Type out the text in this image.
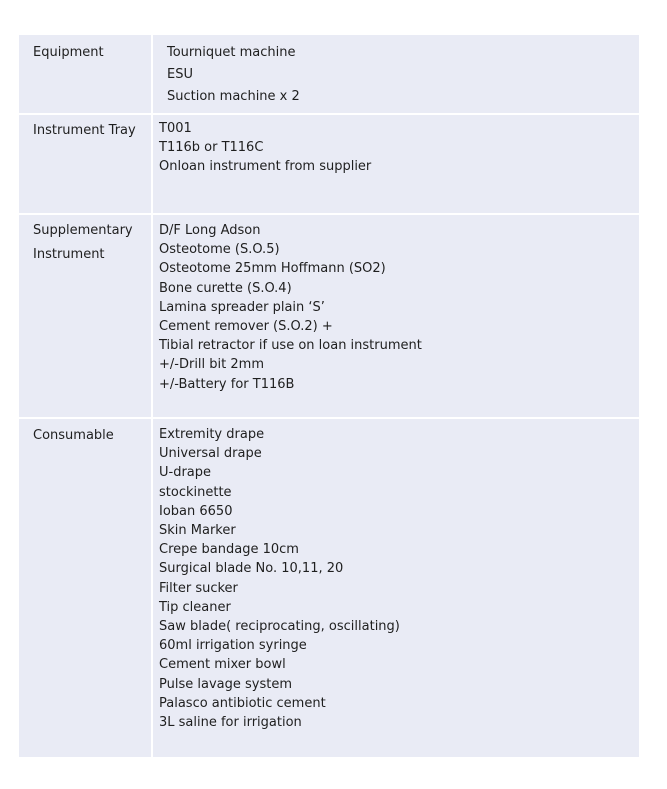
Equipment	Tourniquet machine
ESU
Suction machine x 2
Instrument Tray T001
T116b or T116C
Onloan instrument from supplier
Supplementary
Instrument
D/F Long Adson
Osteotome (S.O.5)
Osteotome 25mm Hoffmann (SO2)
Bone curette (S.O.4)
Lamina spreader plain ‘S’
Cement remover (S.O.2) +
Tibial retractor if use on loan instrument
+/-Drill bit 2mm
+/-Battery for T116B
Consumable	Extremity drape
Universal drape
U-drape
stockinette
Ioban 6650
Skin Marker
Crepe bandage 10cm
Surgical blade No. 10,11, 20
Filter sucker
Tip cleaner
Saw blade( reciprocating, oscillating)
60ml irrigation syringe
Cement mixer bowl
Pulse lavage system
Palasco antibiotic cement
3L saline for irrigation
